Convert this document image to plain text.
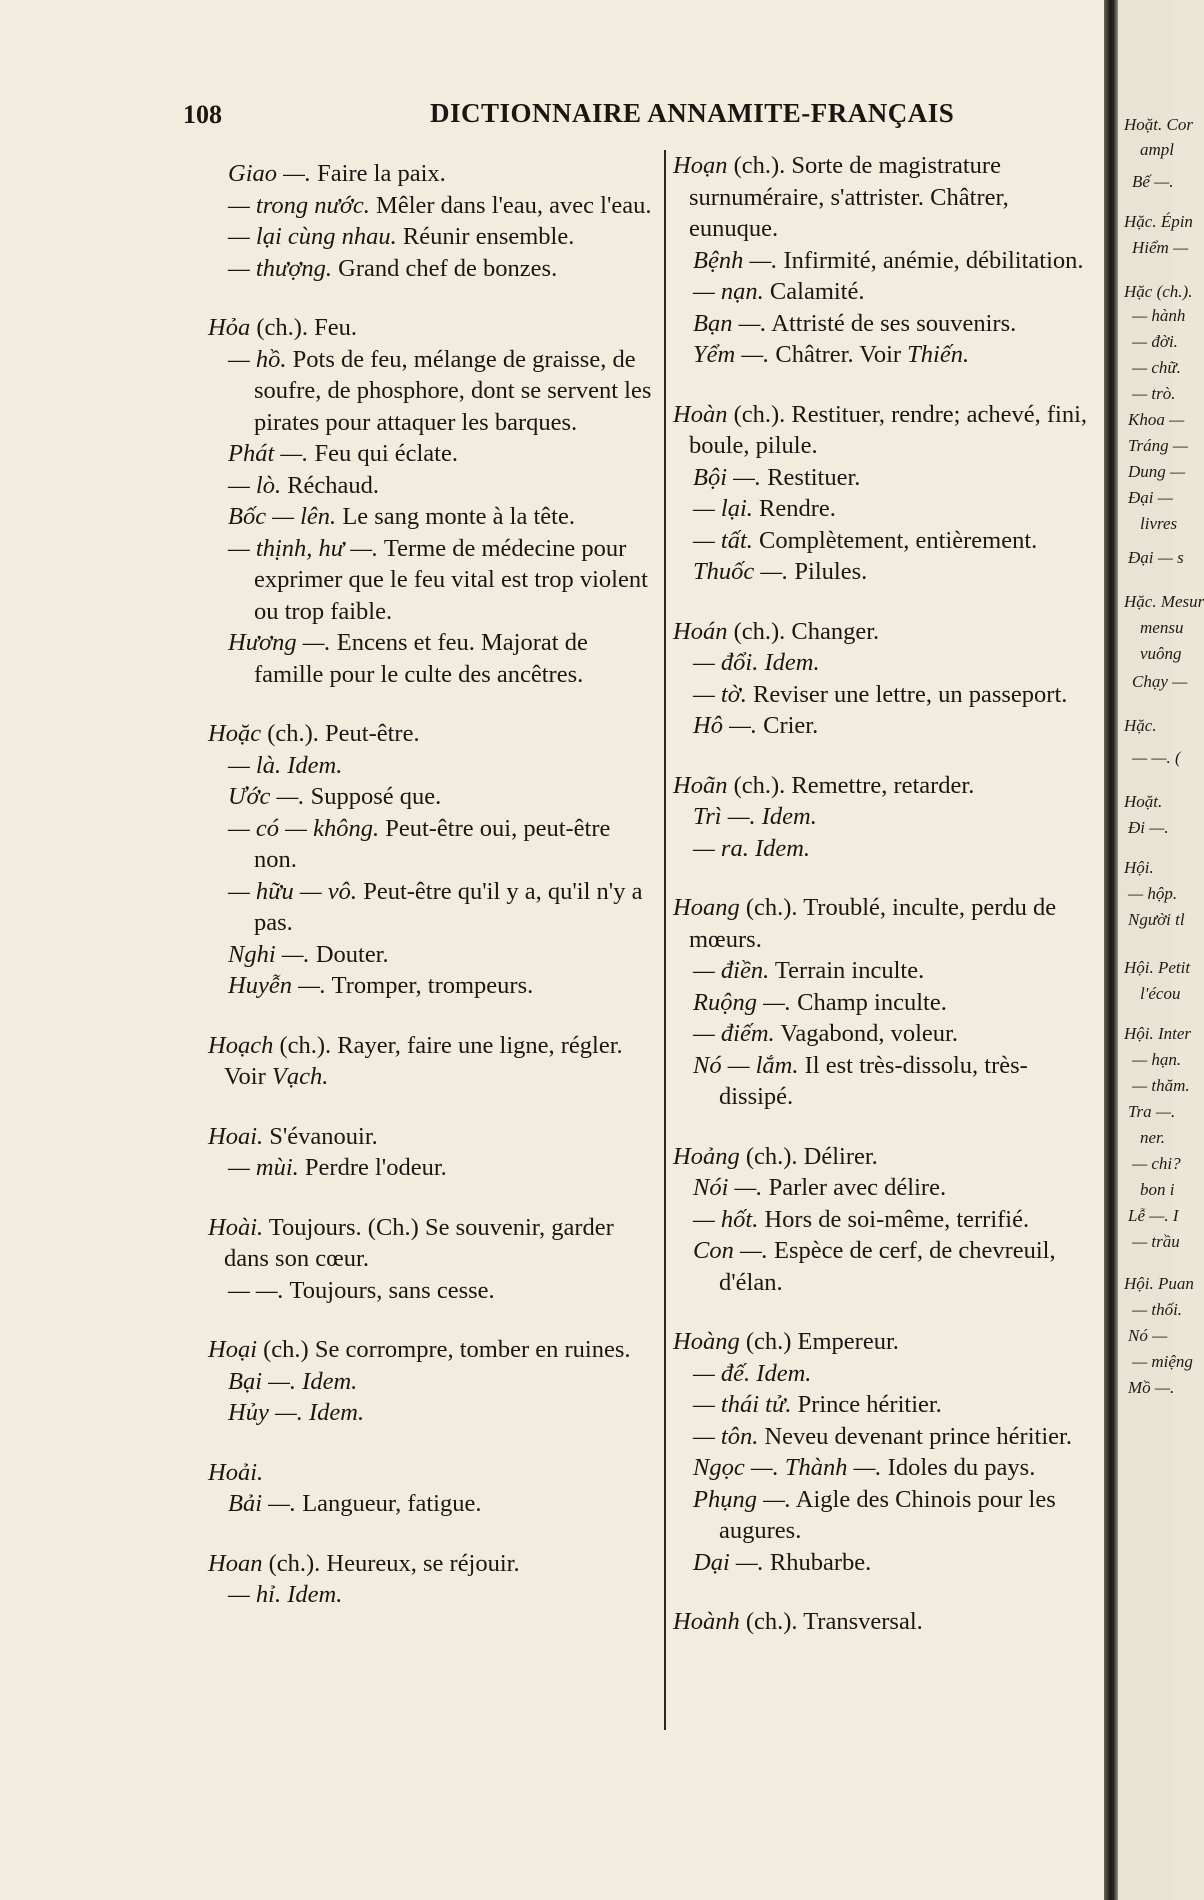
108	DICTIONNAIRE ANNAMITE-FRANÇAIS
Giao —. Faire la paix.
— trong nước. Mêler dans l'eau, avec l'eau.
— lại cùng nhau. Réunir ensemble.
— thượng. Grand chef de bonzes.
Hỏa (ch.). Feu.
— hồ. Pots de feu, mélange de graisse, de soufre, de phosphore, dont se servent les pirates pour attaquer les barques.
Phát —. Feu qui éclate.
— lò. Réchaud.
Bốc — lên. Le sang monte à la tête.
— thịnh, hư —. Terme de médecine pour exprimer que le feu vital est trop violent ou trop faible.
Hương —. Encens et feu. Majorat de famille pour le culte des ancêtres.
Hoặc (ch.). Peut-être.
— là. Idem.
Ước —. Supposé que.
— có — không. Peut-être oui, peut-être non.
— hữu — vô. Peut-être qu'il y a, qu'il n'y a pas.
Nghi —. Douter.
Huyễn —. Tromper, trompeurs.
Hoạch (ch.). Rayer, faire une ligne, régler. Voir Vạch.
Hoai. S'évanouir.
— mùi. Perdre l'odeur.
Hoài. Toujours. (Ch.) Se souvenir, garder dans son cœur.
— —. Toujours, sans cesse.
Hoại (ch.) Se corrompre, tomber en ruines.
Bại —. Idem.
Hủy —. Idem.
Hoải.
Bải —. Langueur, fatigue.
Hoan (ch.). Heureux, se réjouir.
— hỉ. Idem.
Hoạn (ch.). Sorte de magistrature surnuméraire, s'attrister. Châtrer, eunuque.
Bệnh —. Infirmité, anémie, débilitation.
— nạn. Calamité.
Bạn —. Attristé de ses souvenirs.
Yểm —. Châtrer. Voir Thiến.
Hoàn (ch.). Restituer, rendre; achevé, fini, boule, pilule.
Bội —. Restituer.
— lại. Rendre.
— tất. Complètement, entièrement.
Thuốc —. Pilules.
Hoán (ch.). Changer.
— đổi. Idem.
— tờ. Reviser une lettre, un passeport.
Hô —. Crier.
Hoãn (ch.). Remettre, retarder.
Trì —. Idem.
— ra. Idem.
Hoang (ch.). Troublé, inculte, perdu de mœurs.
— điền. Terrain inculte.
Ruộng —. Champ inculte.
— điếm. Vagabond, voleur.
Nó — lắm. Il est très-dissolu, très-dissipé.
Hoảng (ch.). Délirer.
Nói —. Parler avec délire.
— hốt. Hors de soi-même, terrifié.
Con —. Espèce de cerf, de chevreuil, d'élan.
Hoàng (ch.) Empereur.
— đế. Idem.
— thái tử. Prince héritier.
— tôn. Neveu devenant prince héritier.
Ngọc —. Thành —. Idoles du pays.
Phụng —. Aigle des Chinois pour les augures.
Dại —. Rhubarbe.
Hoành (ch.). Transversal.
Hoặt. Cor
ampl
Bế —.
Hặc. Épin
Hiểm —
Hặc (ch.).
— hành
— đời.
— chữ.
— trò.
Khoa —
Tráng —
Dung —
Đại —
livres
Đại — s
Hặc. Mesur
mensu
vuông
Chạy —
Hặc.
— —. (
Hoặt.
Đi —.
Hội.
— hộp.
Người tl
Hội. Petit
l'écou
Hội. Inter
— hạn.
— thăm.
Tra —.
ner.
— chi?
bon i
Lễ —. I
— trầu
Hội. Puan
— thối.
Nó —
— miệng
Mồ —.
